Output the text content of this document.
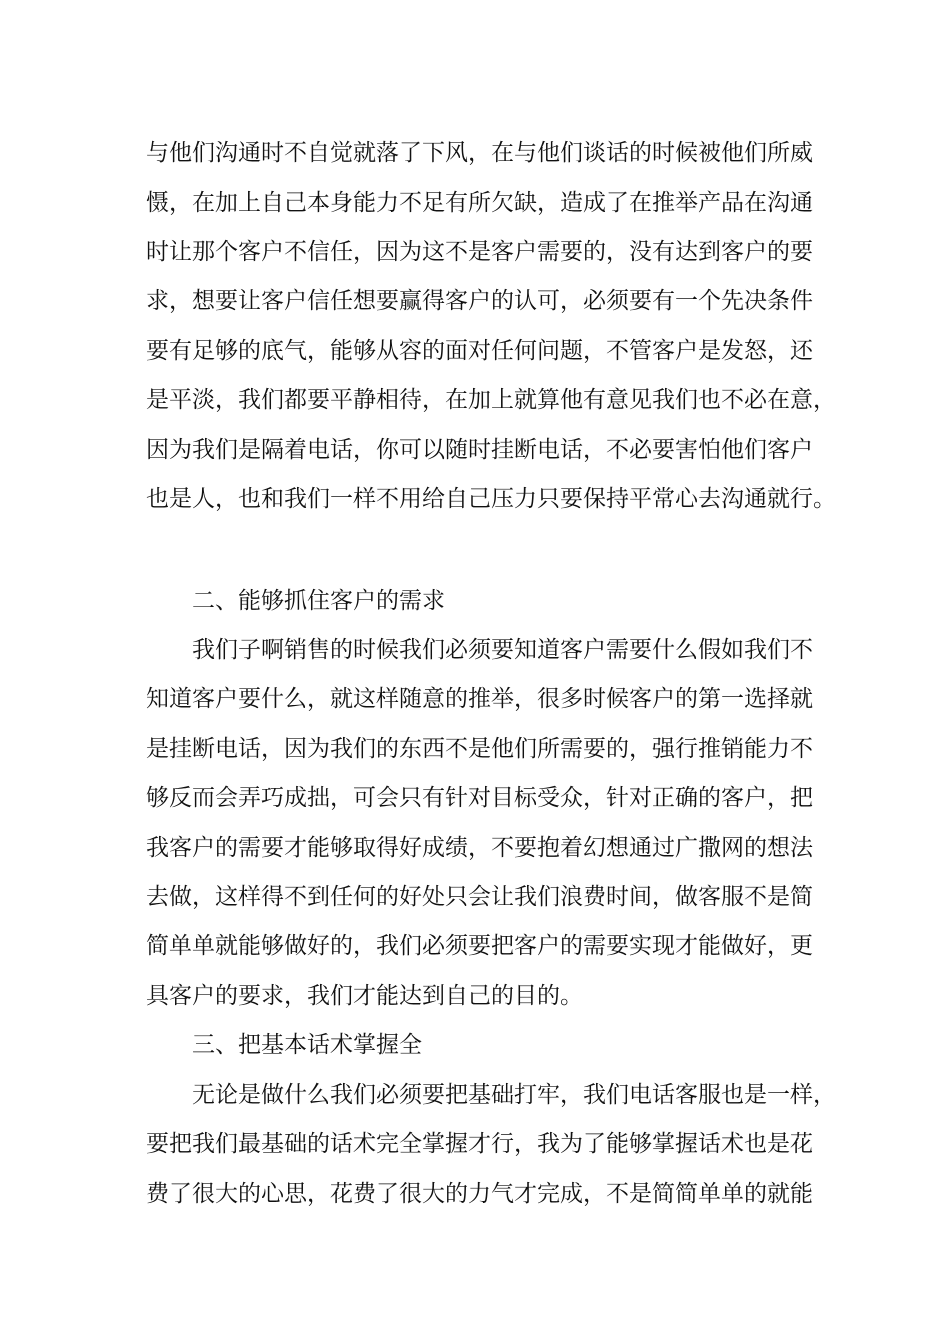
与他们沟通时不自觉就落了下风，在与他们谈话的时候被他们所威
慑，在加上自己本身能力不足有所欠缺，造成了在推举产品在沟通
时让那个客户不信任，因为这不是客户需要的，没有达到客户的要
求，想要让客户信任想要赢得客户的认可，必须要有一个先决条件
要有足够的底气，能够从容的面对任何问题，不管客户是发怒，还
是平淡，我们都要平静相待，在加上就算他有意见我们也不必在意，
因为我们是隔着电话，你可以随时挂断电话，不必要害怕他们客户
也是人，也和我们一样不用给自己压力只要保持平常心去沟通就行。
二、能够抓住客户的需求
我们子啊销售的时候我们必须要知道客户需要什么假如我们不
知道客户要什么，就这样随意的推举，很多时候客户的第一选择就
是挂断电话，因为我们的东西不是他们所需要的，强行推销能力不
够反而会弄巧成拙，可会只有针对目标受众，针对正确的客户，把
我客户的需要才能够取得好成绩，不要抱着幻想通过广撒网的想法
去做，这样得不到任何的好处只会让我们浪费时间，做客服不是简
简单单就能够做好的，我们必须要把客户的需要实现才能做好，更
具客户的要求，我们才能达到自己的目的。
三、把基本话术掌握全
无论是做什么我们必须要把基础打牢，我们电话客服也是一样，
要把我们最基础的话术完全掌握才行，我为了能够掌握话术也是花
费了很大的心思，花费了很大的力气才完成，不是简简单单的就能
